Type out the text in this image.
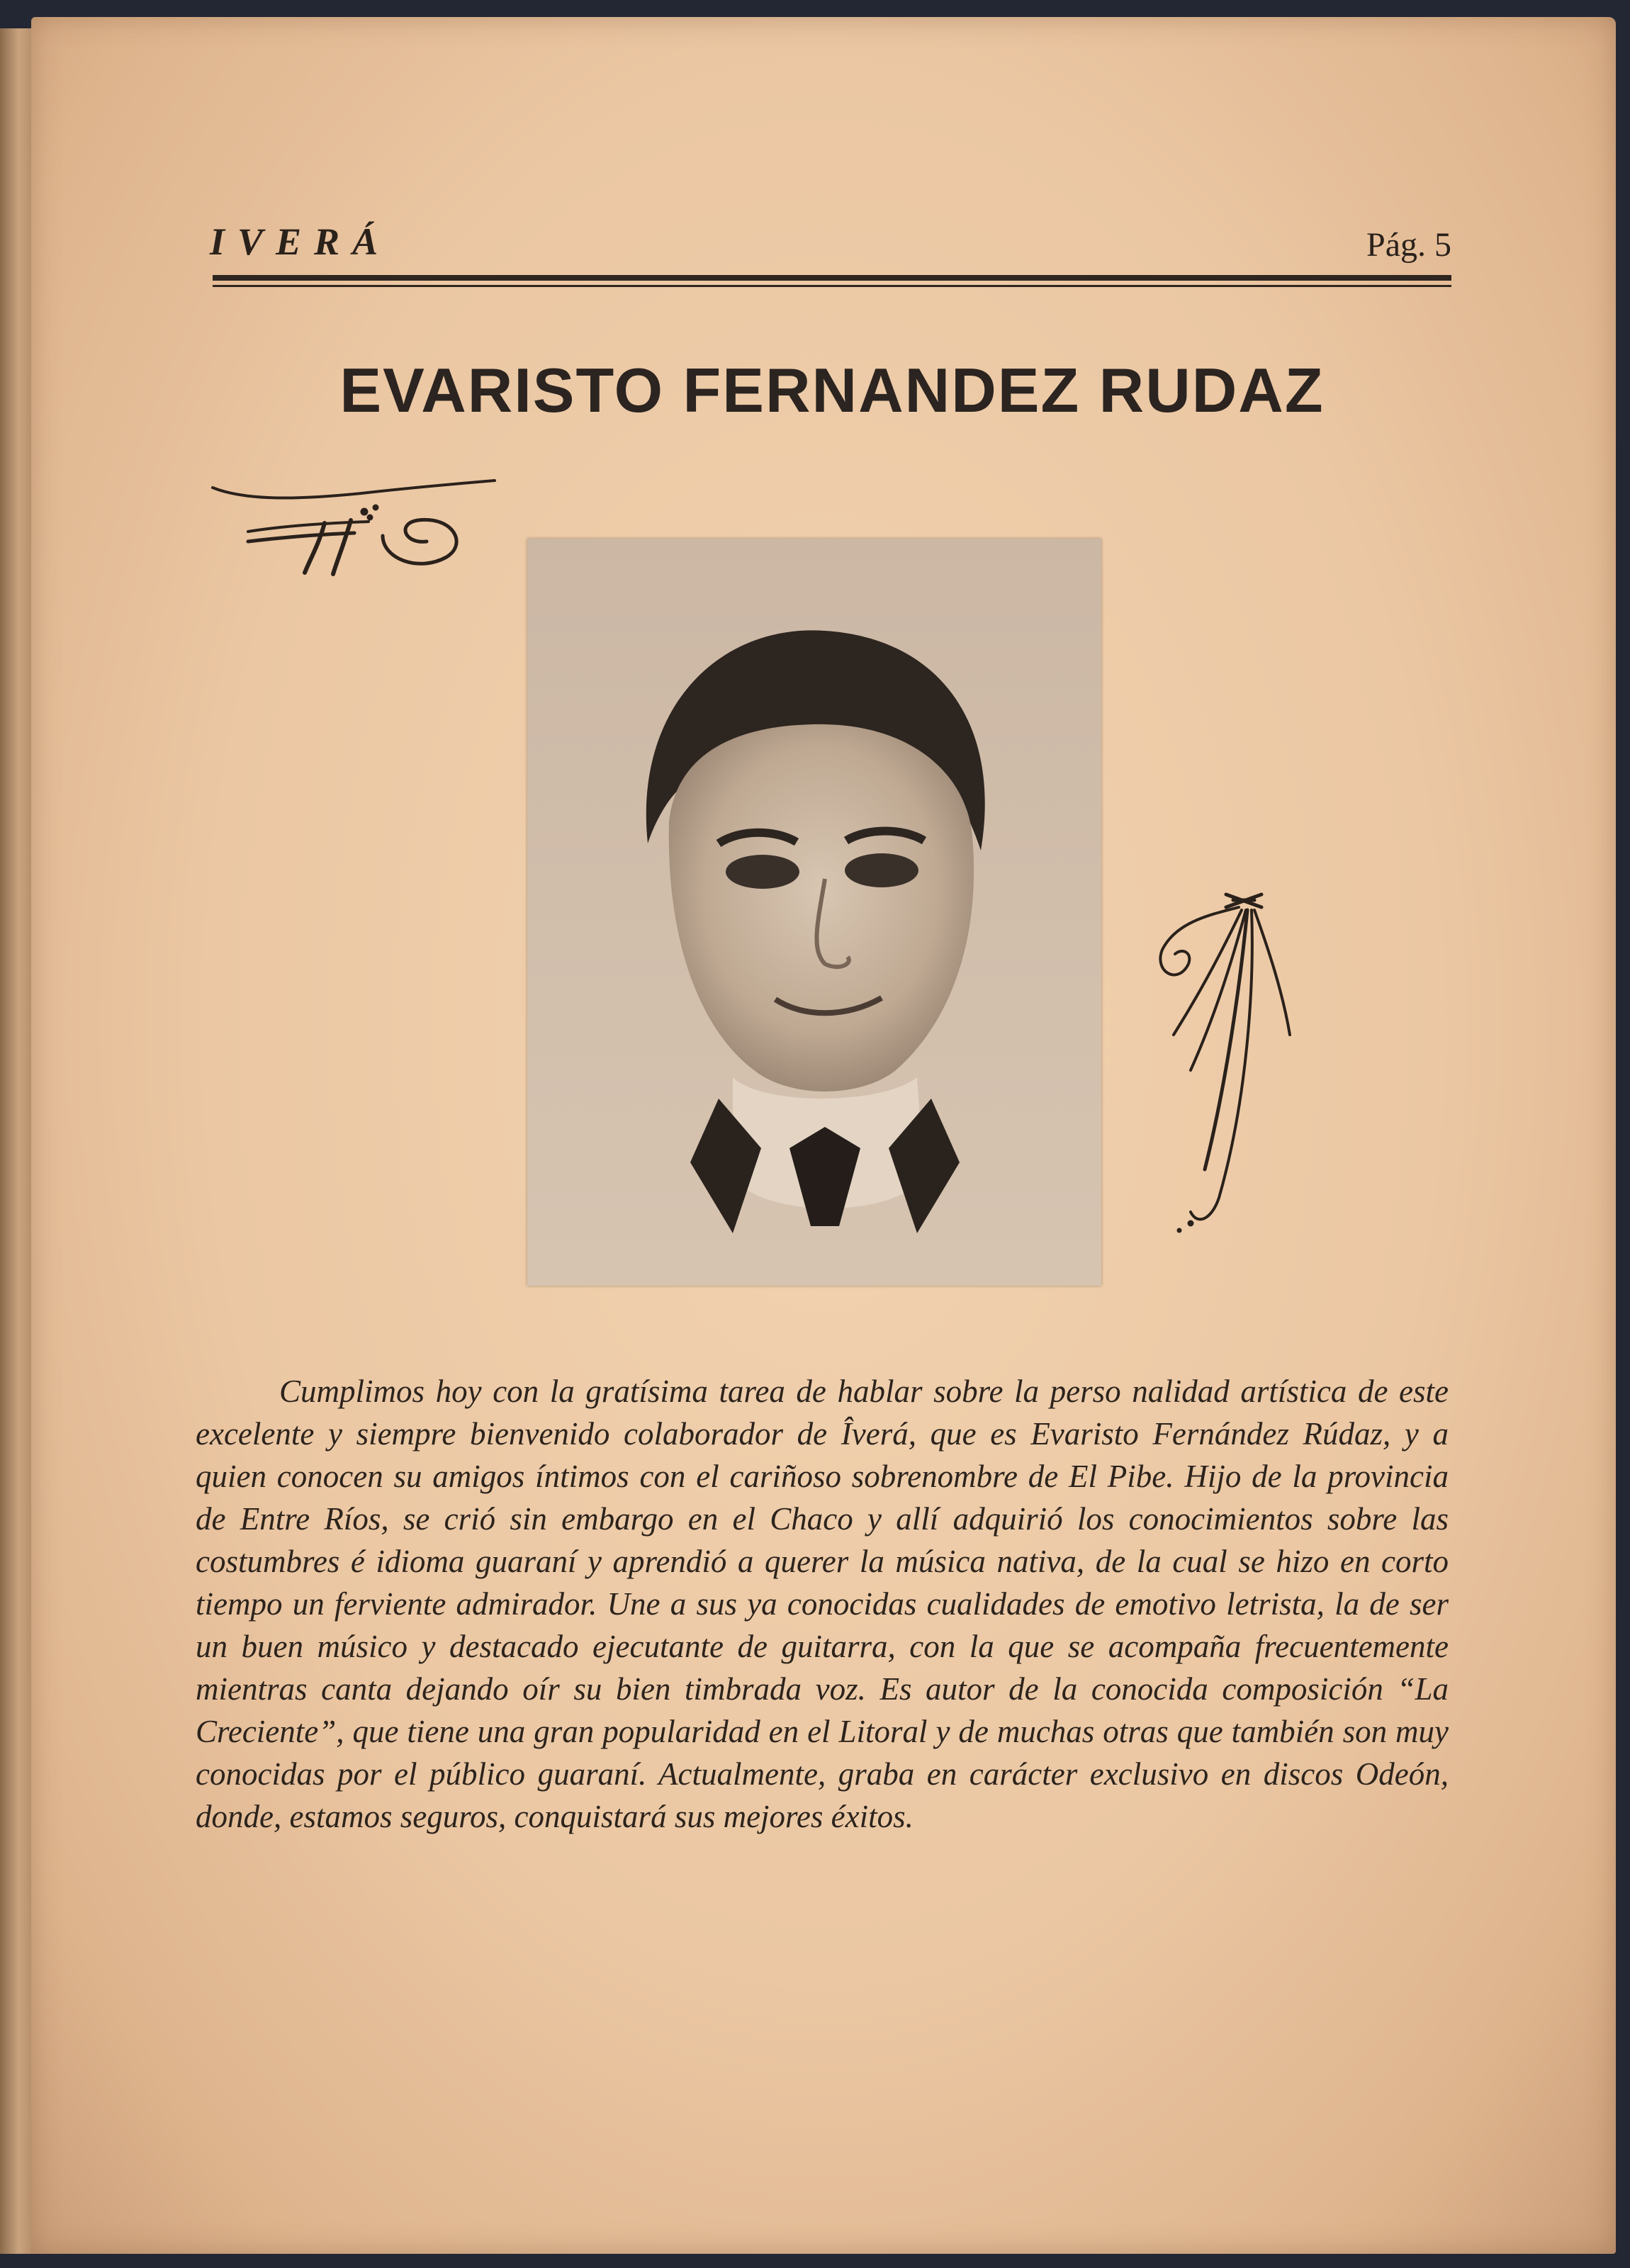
IVERÁ	Pág. 5
EVARISTO FERNANDEZ RUDAZ

Cumplimos hoy con la gratísima tarea de hablar sobre la perso nalidad artística de este excelente y siempre bienvenido colaborador de Îverá, que es Evaristo Fernández Rúdaz, y a quien conocen su amigos íntimos con el cariñoso sobrenombre de El Pibe. Hijo de la provincia de Entre Ríos, se crió sin embargo en el Chaco y allí adquirió los conocimientos sobre las costumbres é idioma guaraní y aprendió a querer la música nativa, de la cual se hizo en corto tiempo un ferviente admirador. Une a sus ya conocidas cualidades de emotivo letrista, la de ser un buen músico y destacado ejecutante de guitarra, con la que se acompaña frecuentemente mientras canta dejando oír su bien timbrada voz. Es autor de la conocida composición “La Creciente”, que tiene una gran popularidad en el Litoral y de muchas otras que también son muy conocidas por el público guaraní. Actualmente, graba en carácter exclusivo en discos Odeón, donde, estamos seguros, conquistará sus mejores éxitos.
